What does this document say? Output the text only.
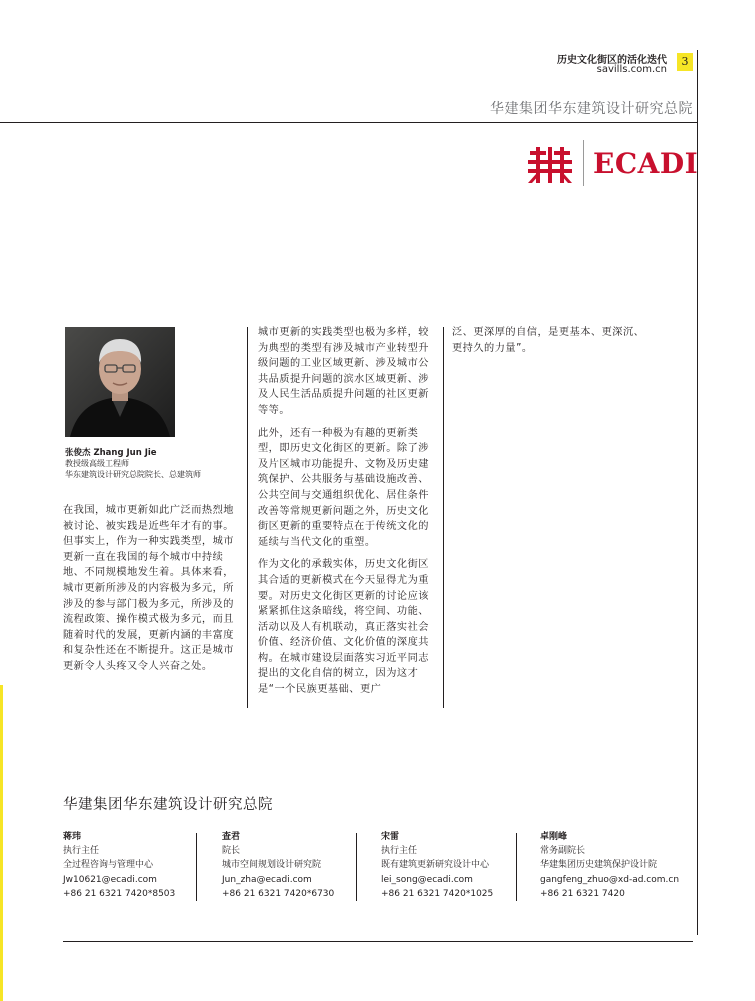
历史文化街区的活化迭代
savills.com.cn
3
华建集团华东建筑设计研究总院
ECADI
张俊杰 Zhang Jun Jie
教授级高级工程师
华东建筑设计研究总院院长、总建筑师

在我国，城市更新如此广泛而热烈地被讨论、被实践是近些年才有的事。但事实上，作为一种实践类型，城市更新一直在我国的每个城市中持续地、不同规模地发生着。具体来看，城市更新所涉及的内容极为多元，所涉及的参与部门极为多元，所涉及的流程政策、操作模式极为多元，而且随着时代的发展，更新内涵的丰富度和复杂性还在不断提升。这正是城市更新令人头疼又令人兴奋之处。

城市更新的实践类型也极为多样，较为典型的类型有涉及城市产业转型升级问题的工业区域更新、涉及城市公共品质提升问题的滨水区域更新、涉及人民生活品质提升问题的社区更新等等。

此外，还有一种极为有趣的更新类型，即历史文化街区的更新。除了涉及片区城市功能提升、文物及历史建筑保护、公共服务与基础设施改善、公共空间与交通组织优化、居住条件改善等常规更新问题之外，历史文化街区更新的重要特点在于传统文化的延续与当代文化的重塑。

作为文化的承载实体，历史文化街区其合适的更新模式在今天显得尤为重要。对历史文化街区更新的讨论应该紧紧抓住这条暗线，将空间、功能、活动以及人有机联动，真正落实社会价值、经济价值、文化价值的深度共构。在城市建设层面落实习近平同志提出的文化自信的树立，因为这才是“一个民族更基础、更广

泛、更深厚的自信，是更基本、更深沉、更持久的力量”。

华建集团华东建筑设计研究总院
蒋玮
执行主任
全过程咨询与管理中心
Jw10621@ecadi.com
+86 21 6321 7420*8503
查君
院长
城市空间规划设计研究院
Jun_zha@ecadi.com
+86 21 6321 7420*6730
宋雷
执行主任
既有建筑更新研究设计中心
lei_song@ecadi.com
+86 21 6321 7420*1025
卓刚峰
常务副院长
华建集团历史建筑保护设计院
gangfeng_zhuo@xd-ad.com.cn
+86 21 6321 7420
